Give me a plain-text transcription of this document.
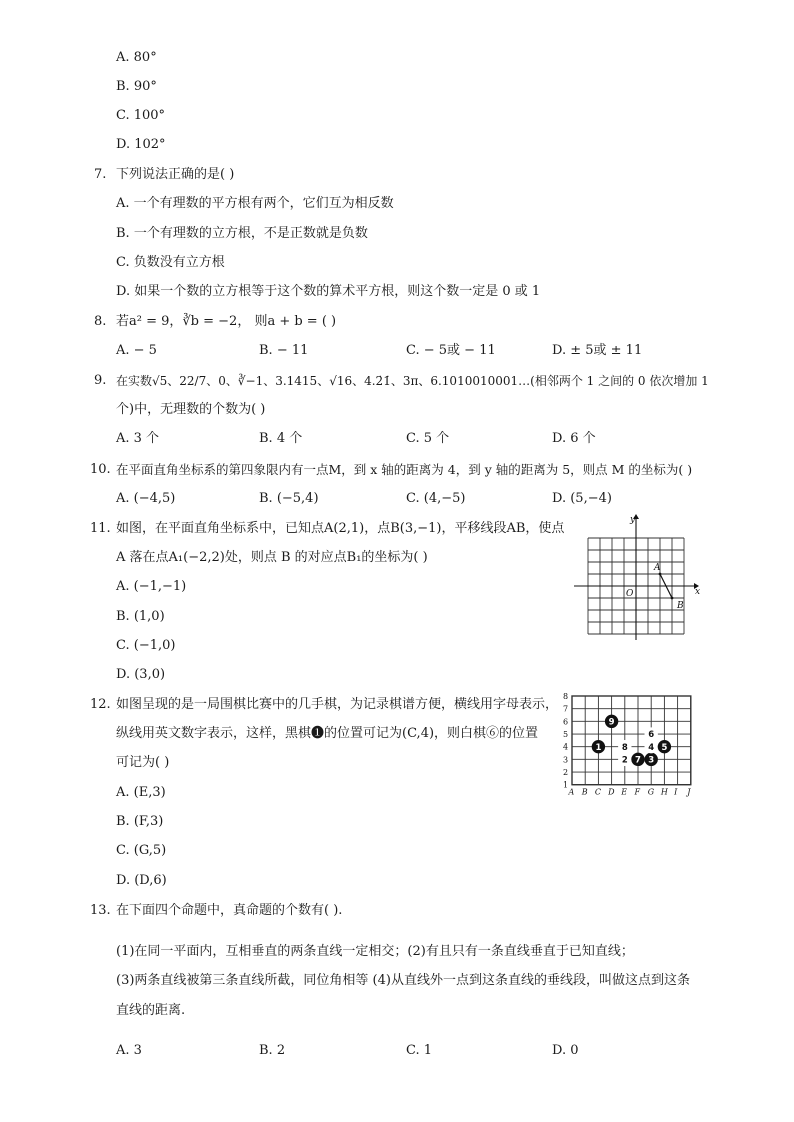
A. 80°
B. 90°
C. 100°
D. 102°
7. 下列说法正确的是( )
A. 一个有理数的平方根有两个，它们互为相反数
B. 一个有理数的立方根，不是正数就是负数
C. 负数没有立方根
D. 如果一个数的立方根等于这个数的算术平方根，则这个数一定是 0 或 1
8. 若a² = 9，∛b = −2， 则a + b = ( )
A. − 5	B. − 11	C. − 5或 − 11	D. ± 5或 ± 11
9. 在实数√5、22/7、0、∛−1、3.1415、√16、4.2̇1̇、3π、6.1010010001…(相邻两个 1 之间的 0 依次增加 1
个)中，无理数的个数为( )
A. 3 个	B. 4 个	C. 5 个	D. 6 个
10. 在平面直角坐标系的第四象限内有一点M，到 x 轴的距离为 4，到 y 轴的距离为 5，则点 M 的坐标为( )
A. (−4,5)	B. (−5,4)	C. (4,−5)	D. (5,−4)
11. 如图，在平面直角坐标系中，已知点A(2,1)，点B(3,−1)，平移线段AB，使点
A 落在点A₁(−2,2)处，则点 B 的对应点B₁的坐标为( )
A. (−1,−1)
B. (1,0)
C. (−1,0)
D. (3,0)
x
y
O
A
B
12. 如图呈现的是一局围棋比赛中的几手棋，为记录棋谱方便，横线用字母表示，
纵线用英文数字表示，这样，黑棋❶的位置可记为(C,4)，则白棋⑥的位置
可记为( )
A. (E,3)
B. (F,3)
C. (G,5)
D. (D,6)
A B C D E F G H I J
1
2
3
4
5
6
7
8
1
2 3
4 5
6
7
8
9
13. 在下面四个命题中，真命题的个数有( ).
(1)在同一平面内，互相垂直的两条直线一定相交；(2)有且只有一条直线垂直于已知直线；
(3)两条直线被第三条直线所截，同位角相等 (4)从直线外一点到这条直线的垂线段，叫做这点到这条
直线的距离.
A. 3	B. 2	C. 1	D. 0
